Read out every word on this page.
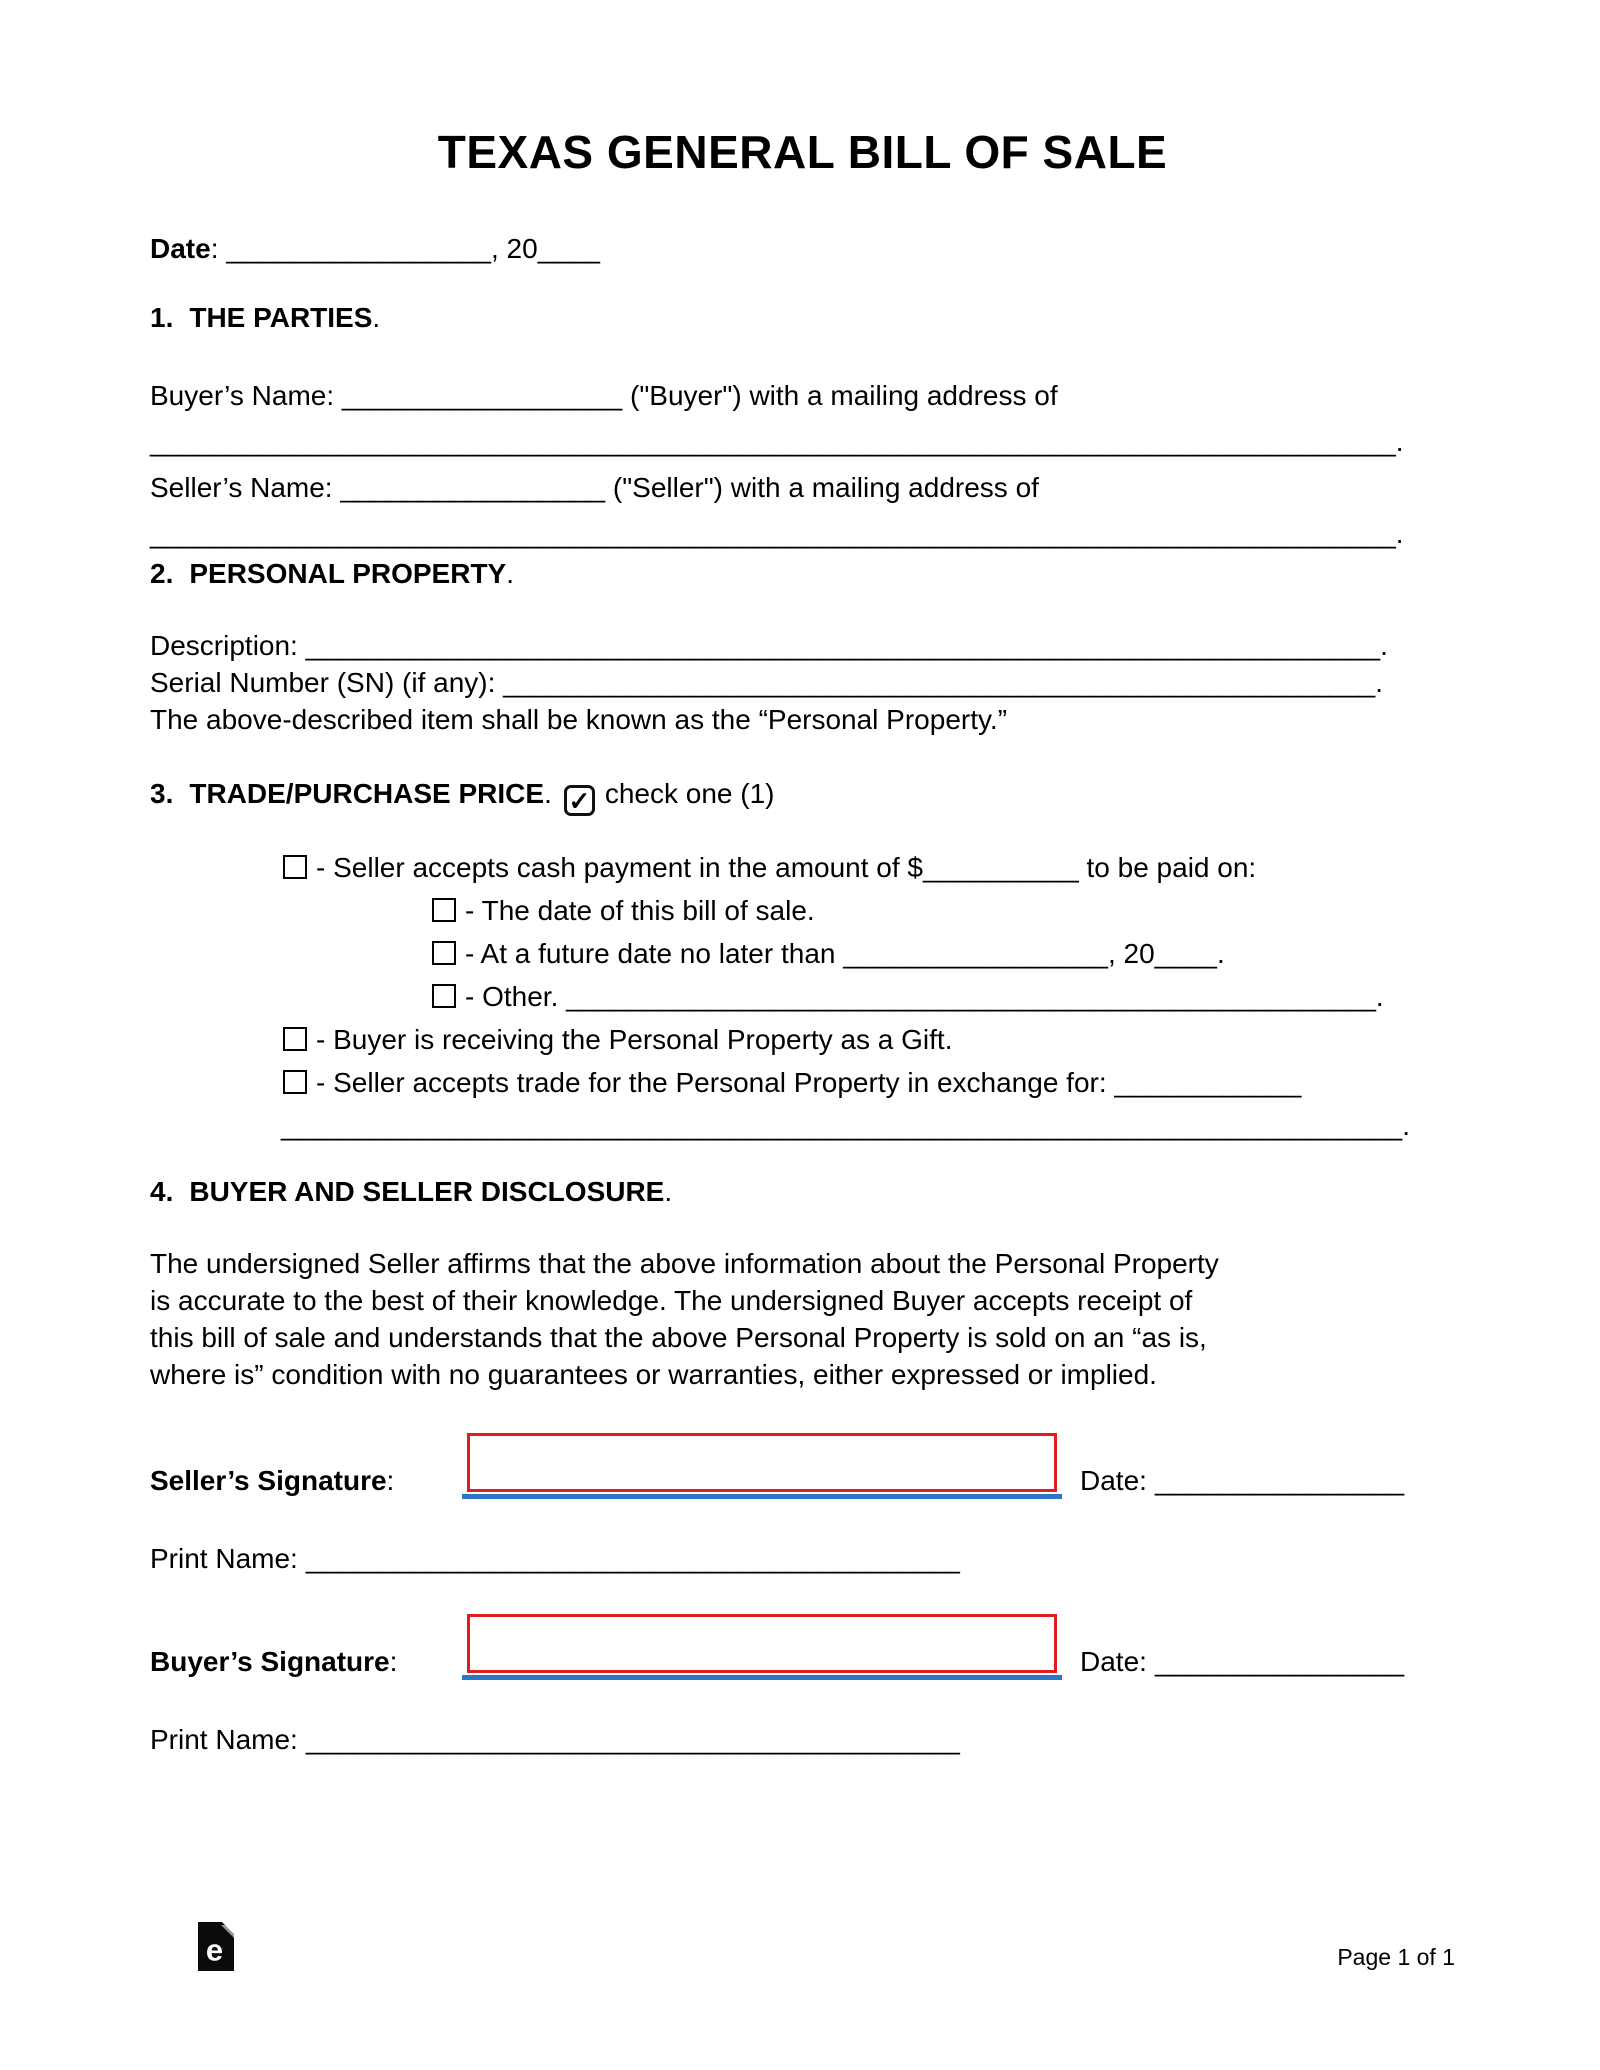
TEXAS GENERAL BILL OF SALE
Date: _________________, 20____
1. THE PARTIES.
Buyer’s Name: __________________ ("Buyer") with a mailing address of
________________________________________________________________________________.
Seller’s Name: _________________ ("Seller") with a mailing address of
________________________________________________________________________________.
2. PERSONAL PROPERTY.
Description: _____________________________________________________________________.
Serial Number (SN) (if any): ________________________________________________________.
The above-described item shall be known as the “Personal Property.”
3. TRADE/PURCHASE PRICE. ✓ check one (1)
- Seller accepts cash payment in the amount of $__________ to be paid on:
- The date of this bill of sale.
- At a future date no later than _________________, 20____.
- Other. ____________________________________________________.
- Buyer is receiving the Personal Property as a Gift.
- Seller accepts trade for the Personal Property in exchange for: ____________
________________________________________________________________________.
4. BUYER AND SELLER DISCLOSURE.
The undersigned Seller affirms that the above information about the Personal Property
is accurate to the best of their knowledge. The undersigned Buyer accepts receipt of
this bill of sale and understands that the above Personal Property is sold on an “as is,
where is” condition with no guarantees or warranties, either expressed or implied.
Seller’s Signature:	Date: ________________
Print Name: __________________________________________
Buyer’s Signature:	Date: ________________
Print Name: __________________________________________
e	Page 1 of 1
